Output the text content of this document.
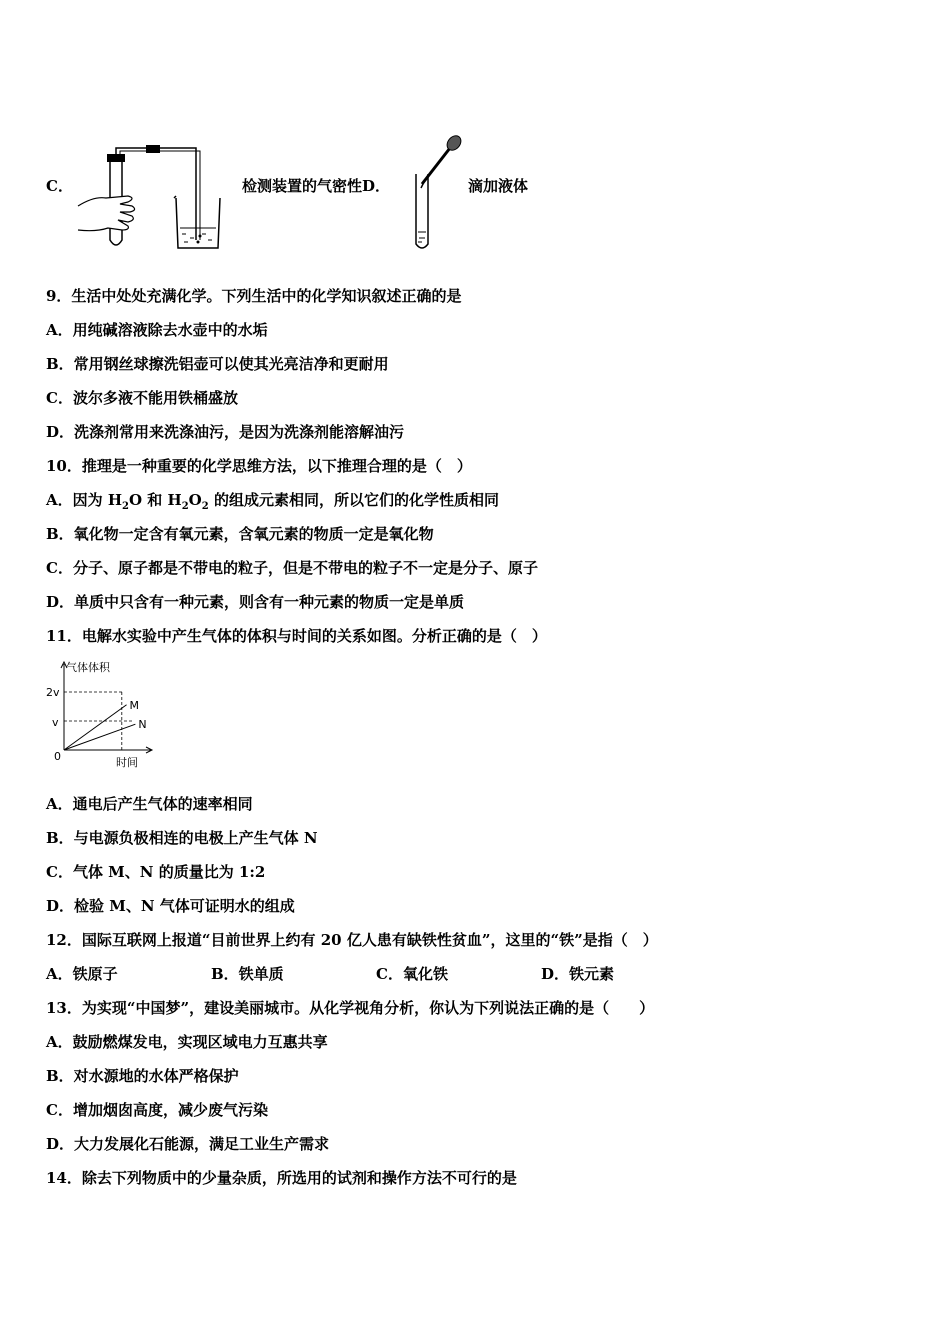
C．	检测装置的气密性D．	滴加液体
9．生活中处处充满化学。下列生活中的化学知识叙述正确的是
A．用纯碱溶液除去水壶中的水垢
B．常用钢丝球擦洗铝壶可以使其光亮洁净和更耐用
C．波尔多液不能用铁桶盛放
D．洗涤剂常用来洗涤油污，是因为洗涤剂能溶解油污
10．推理是一种重要的化学思维方法，以下推理合理的是（　）
A．因为 $H_2O$ 和 $H_2O_2$ 的组成元素相同，所以它们的化学性质相同
B．氧化物一定含有氧元素，含氧元素的物质一定是氧化物
C．分子、原子都是不带电的粒子，但是不带电的粒子不一定是分子、原子
D．单质中只含有一种元素，则含有一种元素的物质一定是单质
11．电解水实验中产生气体的体积与时间的关系如图。分析正确的是（　）
气体体积
时间
0
v
2v
M
N
A．通电后产生气体的速率相同
B．与电源负极相连的电极上产生气体 N
C．气体 M、N 的质量比为 1:2
D．检验 M、N 气体可证明水的组成
12．国际互联网上报道“目前世界上约有 20 亿人患有缺铁性贫血”，这里的“铁”是指（　）
A．铁原子	B．铁单质	C．氧化铁	D．铁元素
13．为实现“中国梦”，建设美丽城市。从化学视角分析，你认为下列说法正确的是（　　）
A．鼓励燃煤发电，实现区域电力互惠共享
B．对水源地的水体严格保护
C．增加烟囱高度，减少废气污染
D．大力发展化石能源，满足工业生产需求
14．除去下列物质中的少量杂质，所选用的试剂和操作方法不可行的是
